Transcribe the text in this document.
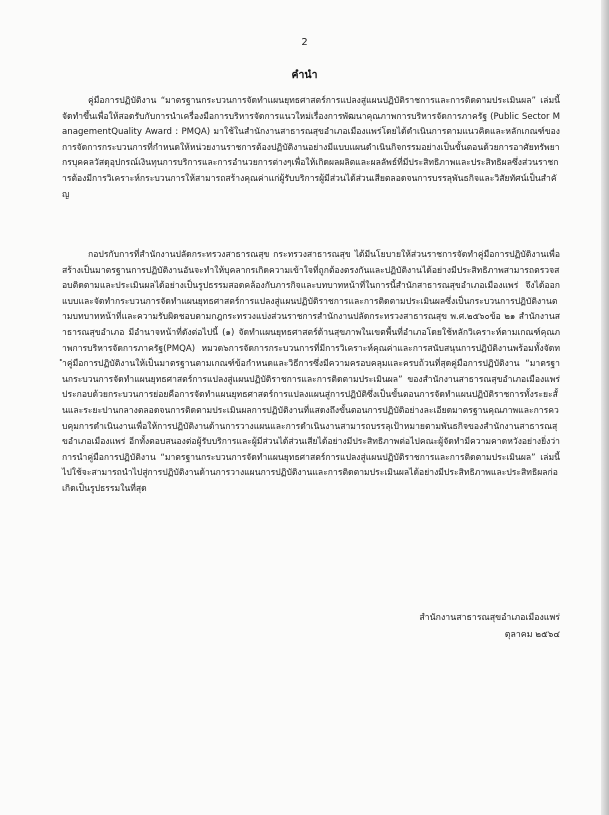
2
คำนำ

คู่มือการปฏิบัติงาน “มาตรฐานกระบวนการจัดทำแผนยุทธศาสตร์การแปลงสู่แผนปฏิบัติราชการและการติดตามประเมินผล” เล่มนี้จัดทำขึ้นเพื่อให้สอดรับกับการนำเครื่องมือการบริหารจัดการแนวใหม่เรื่องการพัฒนาคุณภาพการบริหารจัดการภาครัฐ (Public Sector ManagementQuality Award : PMQA) มาใช้ในสำนักงานสาธารณสุขอำเภอเมืองแพร่โดยได้ดำเนินการตามแนวคิดและหลักเกณฑ์ของการจัดการกระบวนการที่กำหนดให้หน่วยงานราชการต้องปฏิบัติงานอย่างมีแบบแผนดำเนินกิจกรรมอย่างเป็นขั้นตอนด้วยการอาศัยทรัพยากรบุคคลวัสดุอุปกรณ์เงินทุนการบริการและการอำนวยการต่างๆเพื่อให้เกิดผลผลิตและผลลัพธ์ที่มีประสิทธิภาพและประสิทธิผลซึ่งส่วนราชการต้องมีการวิเคราะห์กระบวนการให้สามารถสร้างคุณค่าแก่ผู้รับบริการผู้มีส่วนได้ส่วนเสียตลอดจนการบรรลุพันธกิจและวิสัยทัศน์เป็นสำคัญ

กอปรกับการที่สำนักงานปลัดกระทรวงสาธารณสุข กระทรวงสาธารณสุข ได้มีนโยบายให้ส่วนราชการจัดทำคู่มือการปฏิบัติงานเพื่อสร้างเป็นมาตรฐานการปฏิบัติงานอันจะทำให้บุคลากรเกิดความเข้าใจที่ถูกต้องตรงกันและปฏิบัติงานได้อย่างมีประสิทธิภาพสามารถตรวจสอบติดตามและประเมินผลได้อย่างเป็นรูปธรรมสอดคล้องกับภารกิจและบทบาทหน้าที่ในการนี้สำนักสาธารณสุขอำเภอเมืองแพร่ จึงได้ออกแบบและจัดทำกระบวนการจัดทำแผนยุทธศาสตร์การแปลงสู่แผนปฏิบัติราชการและการติดตามประเมินผลซึ่งเป็นกระบวนการปฏิบัติงานตามบทบาทหน้าที่และความรับผิดชอบตามกฎกระทรวงแบ่งส่วนราชการสำนักงานปลัดกระทรวงสาธารณสุข พ.ศ.๒๕๖๐ข้อ ๒๑ สำนักงานสาธารณสุขอำเภอ มีอำนาจหน้าที่ดังต่อไปนี้ (๑) จัดทำแผนยุทธศาสตร์ด้านสุขภาพในเขตพื้นที่อำเภอโดยใช้หลักวิเคราะห์ตามเกณฑ์คุณภาพการบริหารจัดการภาครัฐ(PMQA) หมวด๖การจัดการกระบวนการที่มีการวิเคราะห์คุณค่าและการสนับสนุนการปฏิบัติงานพร้อมทั้งจัดทำคู่มือการปฏิบัติงานให้เป็นมาตรฐานตามเกณฑ์ข้อกำหนดและวิธีการซึ่งมีความครอบคลุมและครบถ้วนที่สุดคู่มือการปฏิบัติงาน “มาตรฐานกระบวนการจัดทำแผนยุทธศาสตร์การแปลงสู่แผนปฏิบัติราชการและการติดตามประเมินผล” ของสำนักงานสาธารณสุขอำเภอเมืองแพร่ประกอบด้วยกระบวนการย่อยคือการจัดทำแผนยุทธศาสตร์การแปลงแผนสู่การปฏิบัติซึ่งเป็นขั้นตอนการจัดทำแผนปฏิบัติราชการทั้งระยะสั้นและระยะปานกลางตลอดจนการติดตามประเมินผลการปฏิบัติงานที่แสดงถึงขั้นตอนการปฏิบัติอย่างละเอียดมาตรฐานคุณภาพและการควบคุมการดำเนินงานเพื่อให้การปฏิบัติงานด้านการวางแผนและการดำเนินงานสามารถบรรลุเป้าหมายตามพันธกิจของสำนักงานสาธารณสุขอำเภอเมืองแพร่ อีกทั้งตอบสนองต่อผู้รับบริการและผู้มีส่วนได้ส่วนเสียได้อย่างมีประสิทธิภาพต่อไปคณะผู้จัดทำมีความคาดหวังอย่างยิ่งว่าการนำคู่มือการปฏิบัติงาน “มาตรฐานกระบวนการจัดทำแผนยุทธศาสตร์การแปลงสู่แผนปฏิบัติราชการและการติดตามประเมินผล” เล่มนี้ไปใช้จะสามารถนำไปสู่การปฏิบัติงานด้านการวางแผนการปฏิบัติงานและการติดตามประเมินผลได้อย่างมีประสิทธิภาพและประสิทธิผลก่อเกิดเป็นรูปธรรมในที่สุด

สำนักงานสาธารณสุขอำเภอเมืองแพร่
ตุลาคม ๒๕๖๔
